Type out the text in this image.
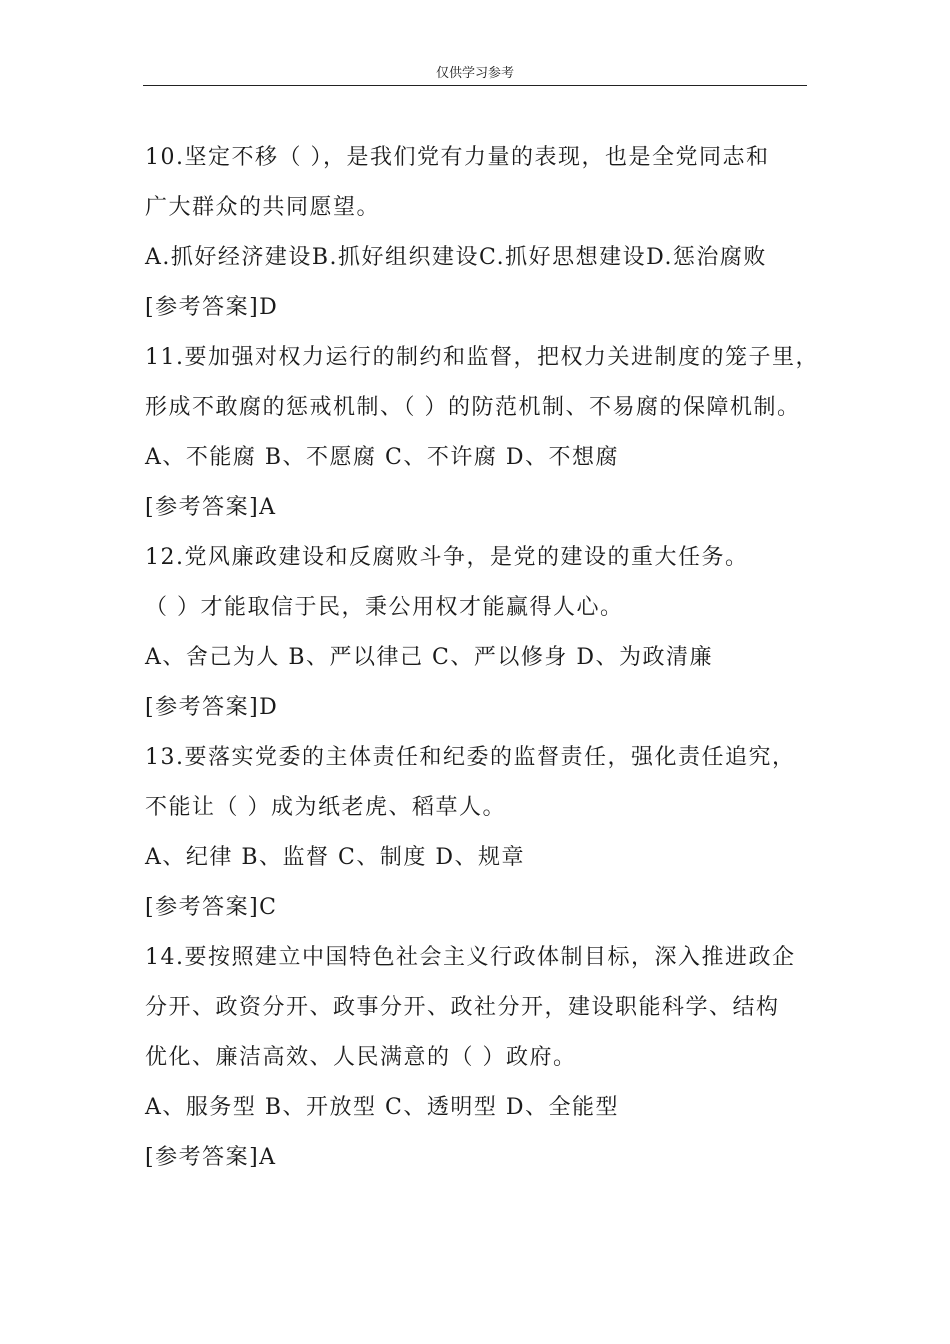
仅供学习参考
10.坚定不移（ ），是我们党有力量的表现，也是全党同志和
广大群众的共同愿望。
A.抓好经济建设B.抓好组织建设C.抓好思想建设D.惩治腐败
[参考答案]D
11.要加强对权力运行的制约和监督，把权力关进制度的笼子里，
形成不敢腐的惩戒机制、（ ）的防范机制、不易腐的保障机制。
A、不能腐 B、不愿腐 C、不许腐 D、不想腐
[参考答案]A
12.党风廉政建设和反腐败斗争，是党的建设的重大任务。
（ ）才能取信于民，秉公用权才能赢得人心。
A、舍己为人 B、严以律己 C、严以修身 D、为政清廉
[参考答案]D
13.要落实党委的主体责任和纪委的监督责任，强化责任追究，
不能让（ ）成为纸老虎、稻草人。
A、纪律 B、监督 C、制度 D、规章
[参考答案]C
14.要按照建立中国特色社会主义行政体制目标，深入推进政企
分开、政资分开、政事分开、政社分开，建设职能科学、结构
优化、廉洁高效、人民满意的（ ）政府。
A、服务型 B、开放型 C、透明型 D、全能型
[参考答案]A
